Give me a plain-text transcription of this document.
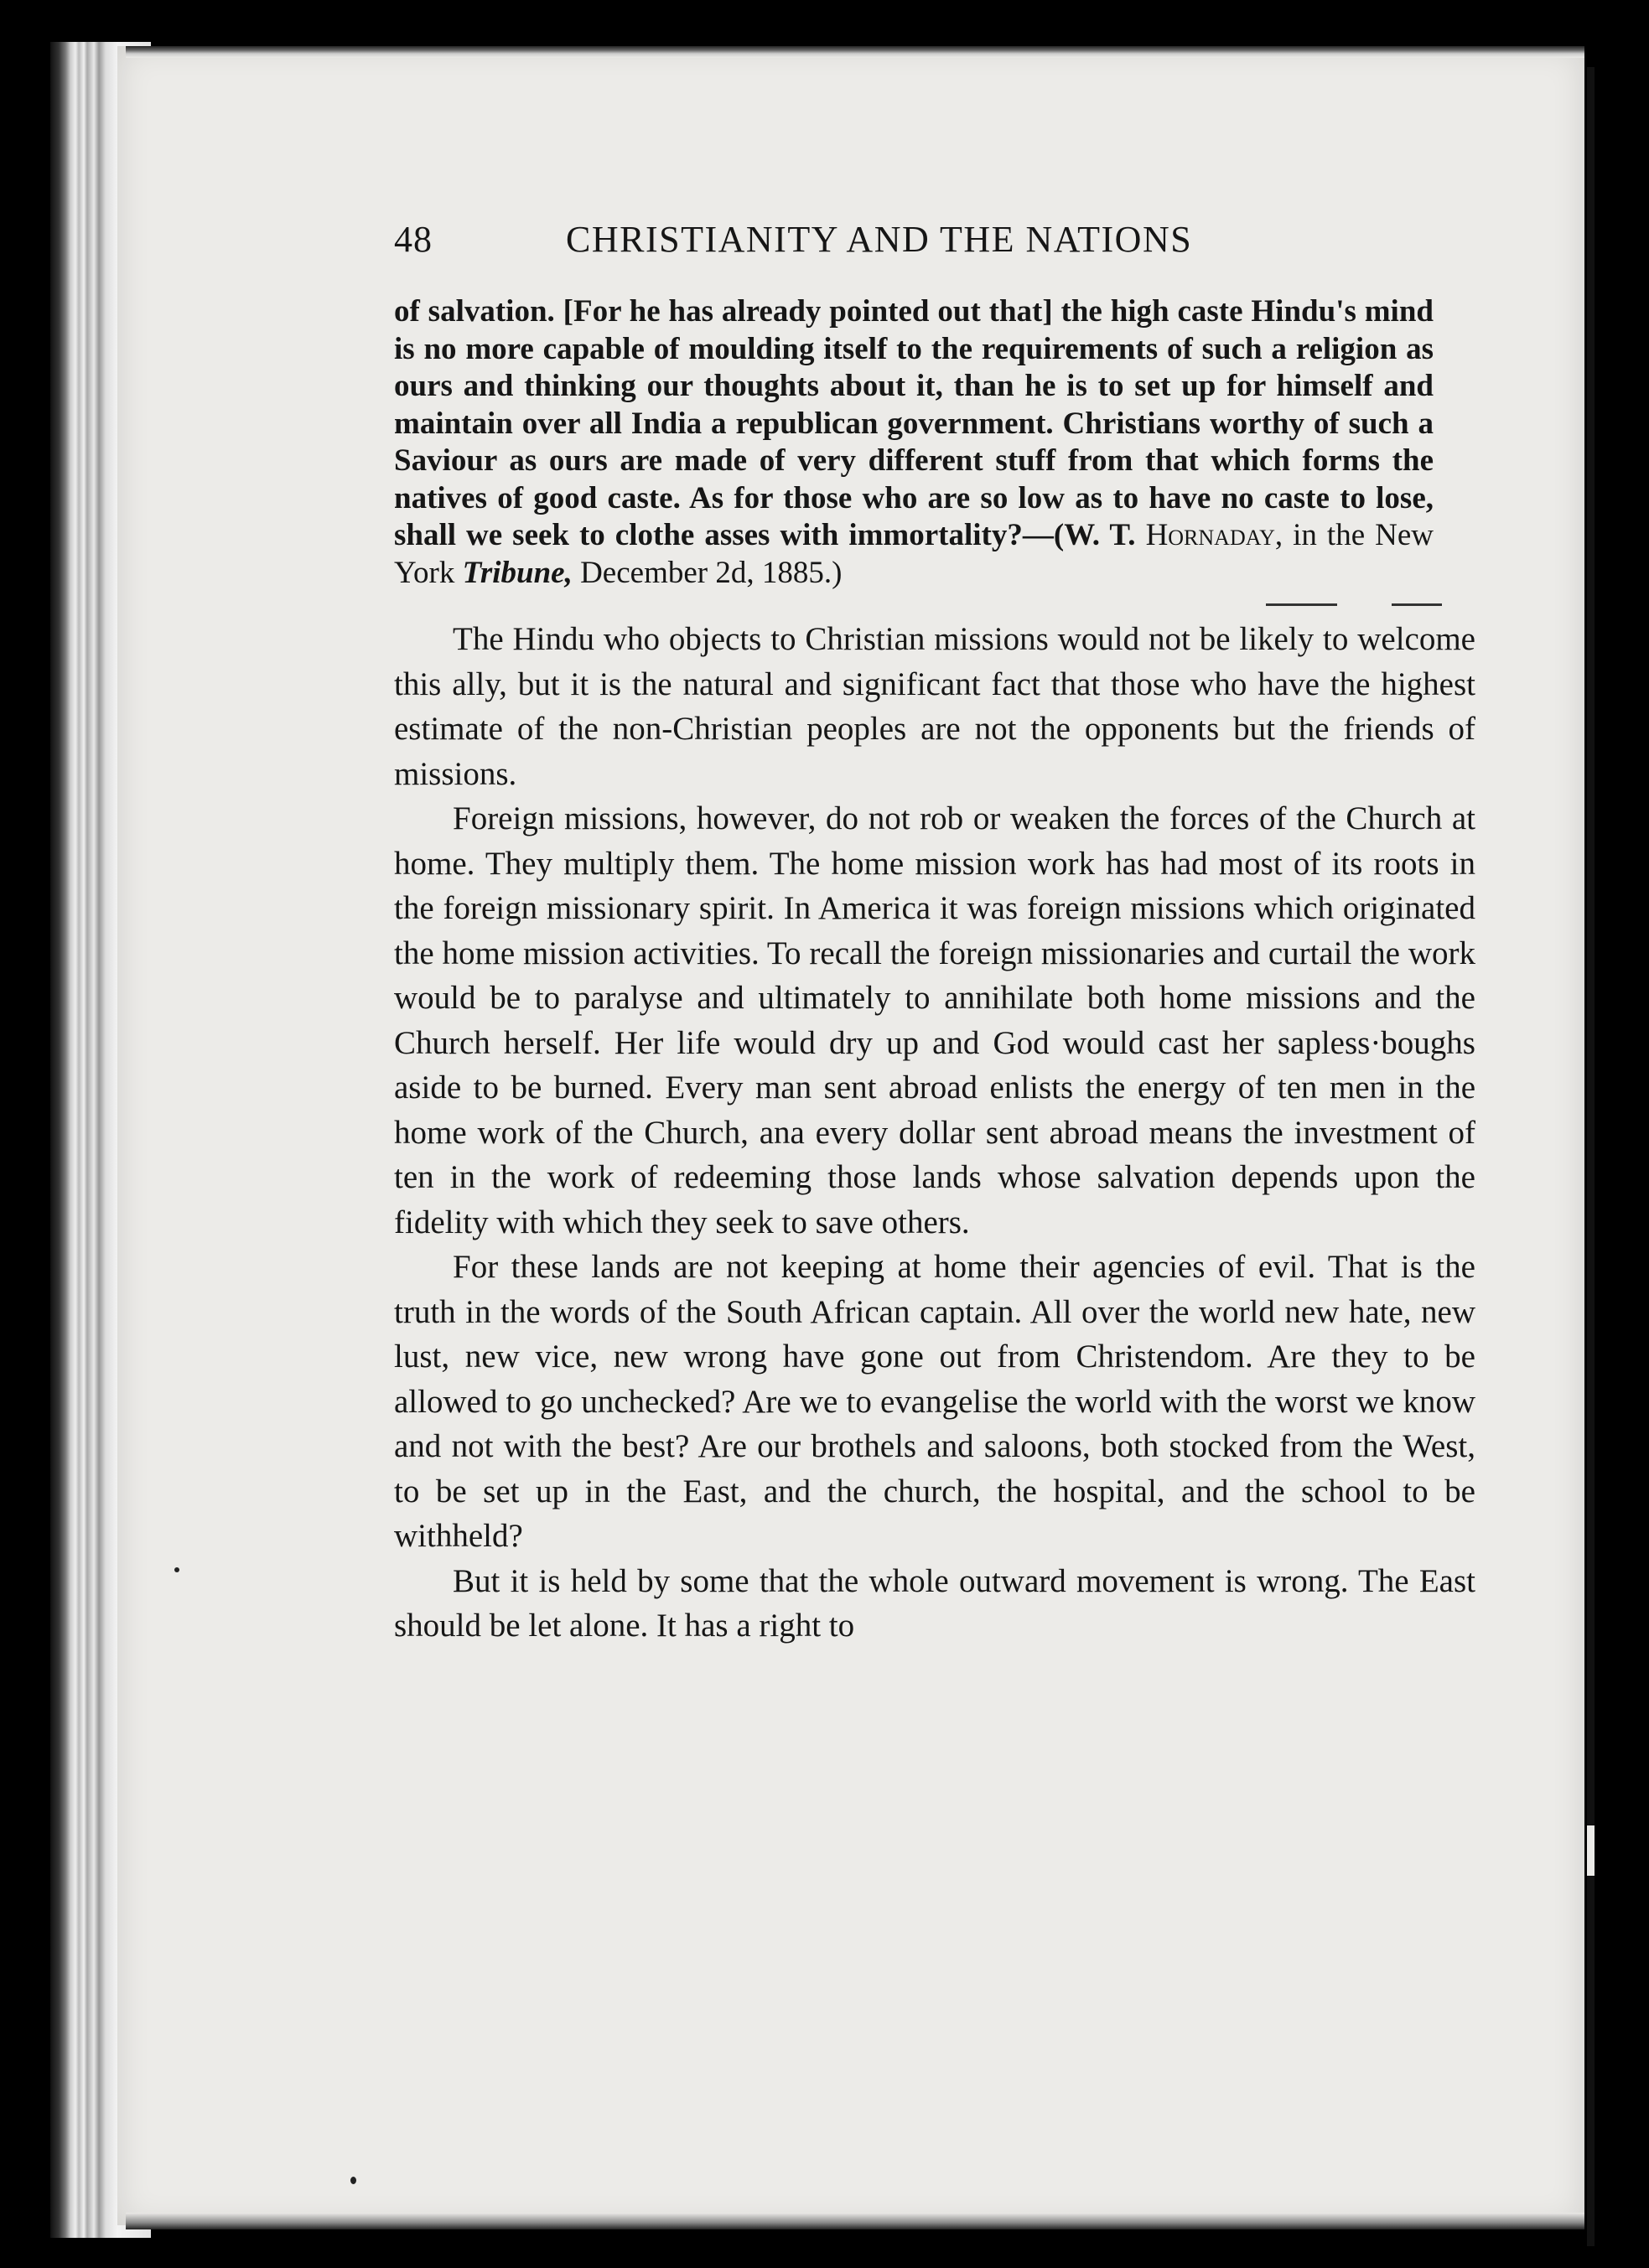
48	CHRISTIANITY AND THE NATIONS

of salvation. [For he has already pointed out that] the high caste Hindu's mind is no more capable of moulding itself to the requirements of such a religion as ours and thinking our thoughts about it, than he is to set up for himself and maintain over all India a republican government. Christians worthy of such a Saviour as ours are made of very different stuff from that which forms the natives of good caste. As for those who are so low as to have no caste to lose, shall we seek to clothe asses with immortality?—(W. T. Hornaday, in the New York Tribune, December 2d, 1885.)

The Hindu who objects to Christian missions would not be likely to welcome this ally, but it is the natural and significant fact that those who have the highest estimate of the non-Christian peoples are not the opponents but the friends of missions.

Foreign missions, however, do not rob or weaken the forces of the Church at home. They multiply them. The home mission work has had most of its roots in the foreign missionary spirit. In America it was foreign missions which originated the home mission activities. To recall the foreign missionaries and curtail the work would be to paralyse and ultimately to annihilate both home missions and the Church herself. Her life would dry up and God would cast her sapless·boughs aside to be burned. Every man sent abroad enlists the energy of ten men in the home work of the Church, ana every dollar sent abroad means the investment of ten in the work of redeeming those lands whose salvation depends upon the fidelity with which they seek to save others.

For these lands are not keeping at home their agencies of evil. That is the truth in the words of the South African captain. All over the world new hate, new lust, new vice, new wrong have gone out from Christendom. Are they to be allowed to go unchecked? Are we to evangelise the world with the worst we know and not with the best? Are our brothels and saloons, both stocked from the West, to be set up in the East, and the church, the hospital, and the school to be withheld?

But it is held by some that the whole outward movement is wrong. The East should be let alone. It has a right to
